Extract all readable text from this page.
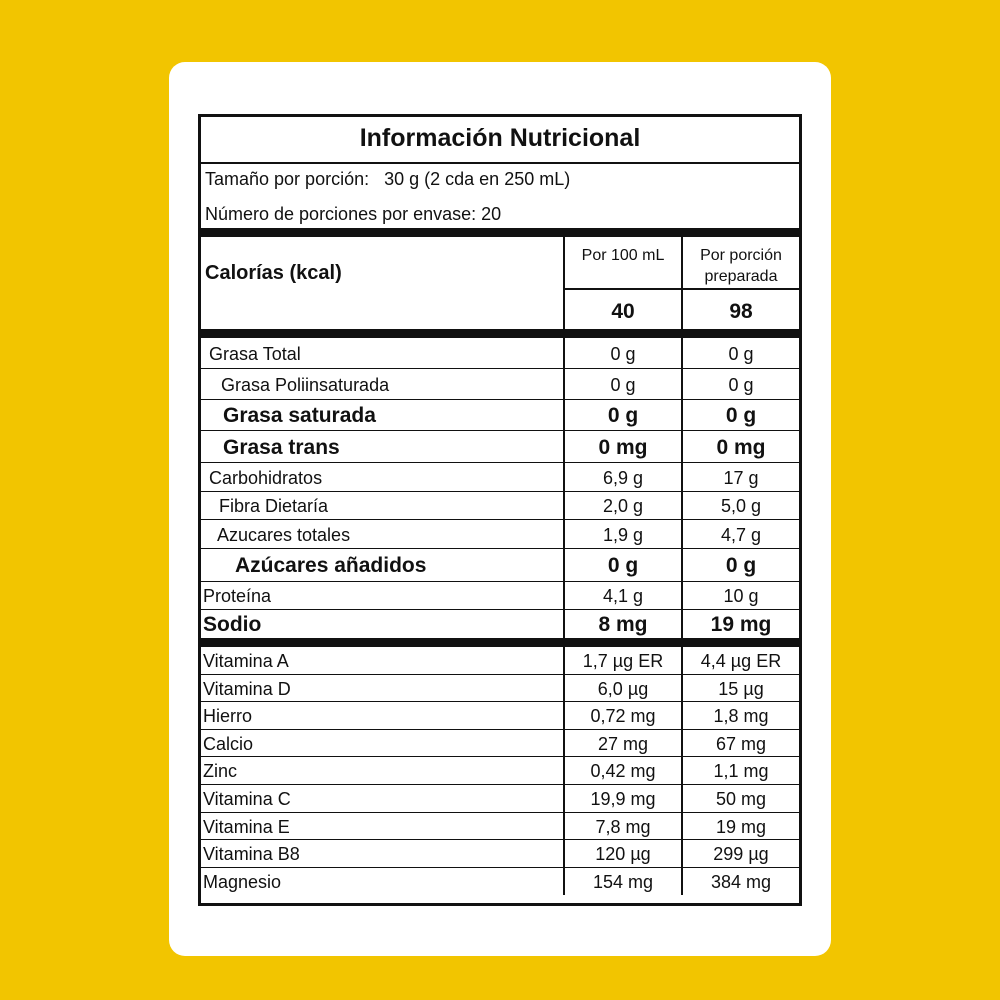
Información Nutricional
Tamaño por porción: 30 g (2 cda en 250 mL)
Número de porciones por envase: 20
Calorías (kcal)
Por 100 mL	Por porción preparada
40	98
Grasa Total	0 g	0 g
Grasa Poliinsaturada	0 g	0 g
Grasa saturada	0 g	0 g
Grasa trans	0 mg	0 mg
Carbohidratos	6,9 g	17 g
Fibra Dietaría	2,0 g	5,0 g
Azucares totales	1,9 g	4,7 g
Azúcares añadidos	0 g	0 g
Proteína	4,1 g	10 g
Sodio	8 mg	19 mg
Vitamina A	1,7 µg ER	4,4 µg ER
Vitamina D	6,0 µg	15 µg
Hierro	0,72 mg	1,8 mg
Calcio	27 mg	67 mg
Zinc	0,42 mg	1,1 mg
Vitamina C	19,9 mg	50 mg
Vitamina E	7,8 mg	19 mg
Vitamina B8	120 µg	299 µg
Magnesio	154 mg	384 mg
